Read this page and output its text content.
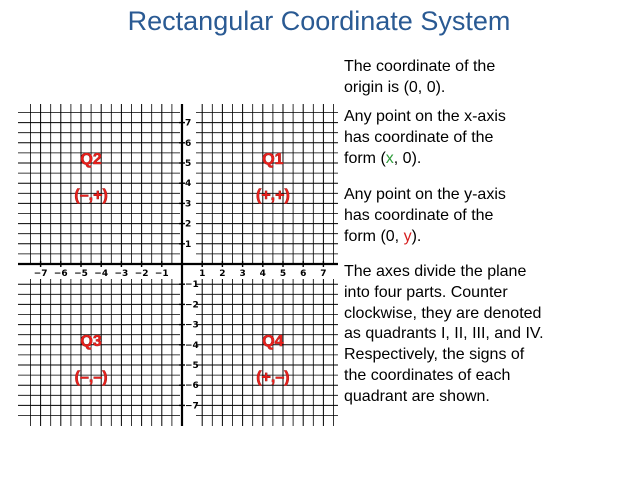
Rectangular Coordinate System
−7 −6 −5 −4 −3 −2 −1	1 2 3 4 5 6 7
7
6
5
4
3
2
1
−1
−2
−3
−4
−5
−6
−7
Q1
(+,+)
Q2
(–,+)
Q3
(–,–)
Q4
(+,–)
The coordinate of the
origin is (0, 0).
Any point on the x-axis
has coordinate of the
form (x, 0).
Any point on the y-axis
has coordinate of the
form (0, y).
The axes divide the plane
into four parts. Counter
clockwise, they are denoted
as quadrants I, II, III, and IV.
Respectively, the signs of
the coordinates of each
quadrant are shown.
